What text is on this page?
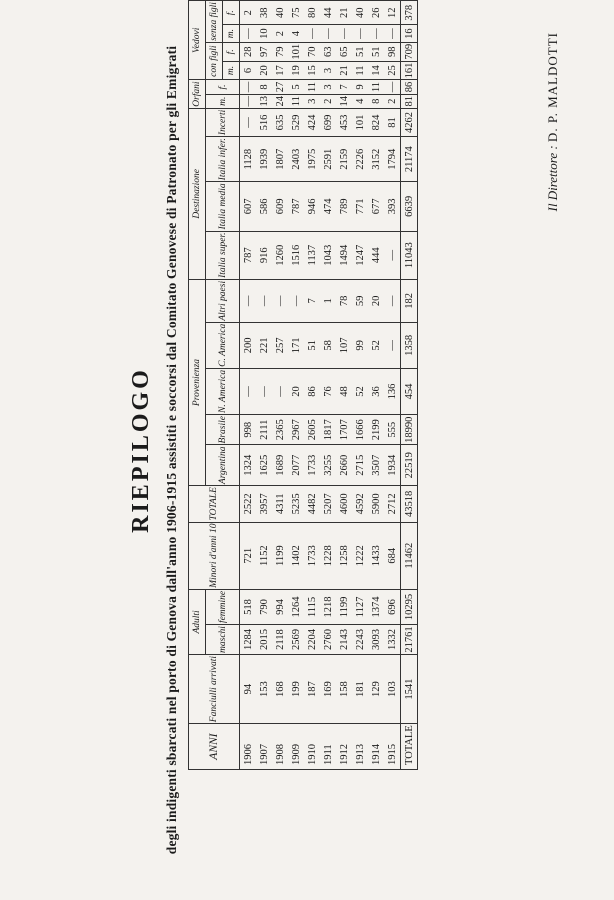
RIEPILOGO degli indigenti sbarcati nel porto di Genova dall'anno 1906-1915 assistiti e soccorsi dal Comitato Genovese di Patronato per gli Emigrati	ANNI	Fanciulli arrivati	Adulti		Minori d'anni 10	TOTALE	Provenienza					Destinazione				Orfani		Vedovi		
		maschi	femmine			Argentina	Brasile	N. America	C. America	Altri paesi	Italia super.	Italia media	Italia infer.	Incerti	m.	f.	con figli		senza figli		
																	m.	f.	m.	f.			
1906	94	1284	518	721	2522	1324	998	—	200	—	787	607	1128	—	—	—	6	28	—	2			
1907	153	2015	790	1152	3957	1625	2111	—	221	—	916	586	1939	516	13	8	20	97	10	38			
1908	168	2118	994	1199	4311	1689	2365	—	257	—	1260	609	1807	635	24	27	17	79	2	40			
1909	199	2569	1264	1402	5235	2077	2967	20	171	—	1516	787	2403	529	11	5	19	101	4	75			
1910	187	2204	1115	1733	4482	1733	2605	86	51	7	1137	946	1975	424	3	11	15	70	—	80			
1911	169	2760	1218	1228	5207	3255	1817	76	58	1	1043	474	2591	699	2	3	3	63	—	44			
1912	158	2143	1199	1258	4600	2660	1707	48	107	78	1494	789	2159	453	14	7	21	65	—	21			
1913	181	2243	1127	1222	4592	2715	1666	52	99	59	1247	771	2226	101	4	9	11	51	—	40			
1914	129	3093	1374	1433	5900	3507	2199	36	52	20	444	677	3152	824	8	11	14	51	—	26			
1915	103	1332	696	684	2712	1934	555	136	—	—	—	393	1794	81	2	—	25	98	—	12			
TOTALE	1541	21761	10295	11462	43518	22519	18990	454	1358	182	11043	6639	21174	4262	81	86	161	709	16	378			
Il Direttore : D. P. MALDOTTI
